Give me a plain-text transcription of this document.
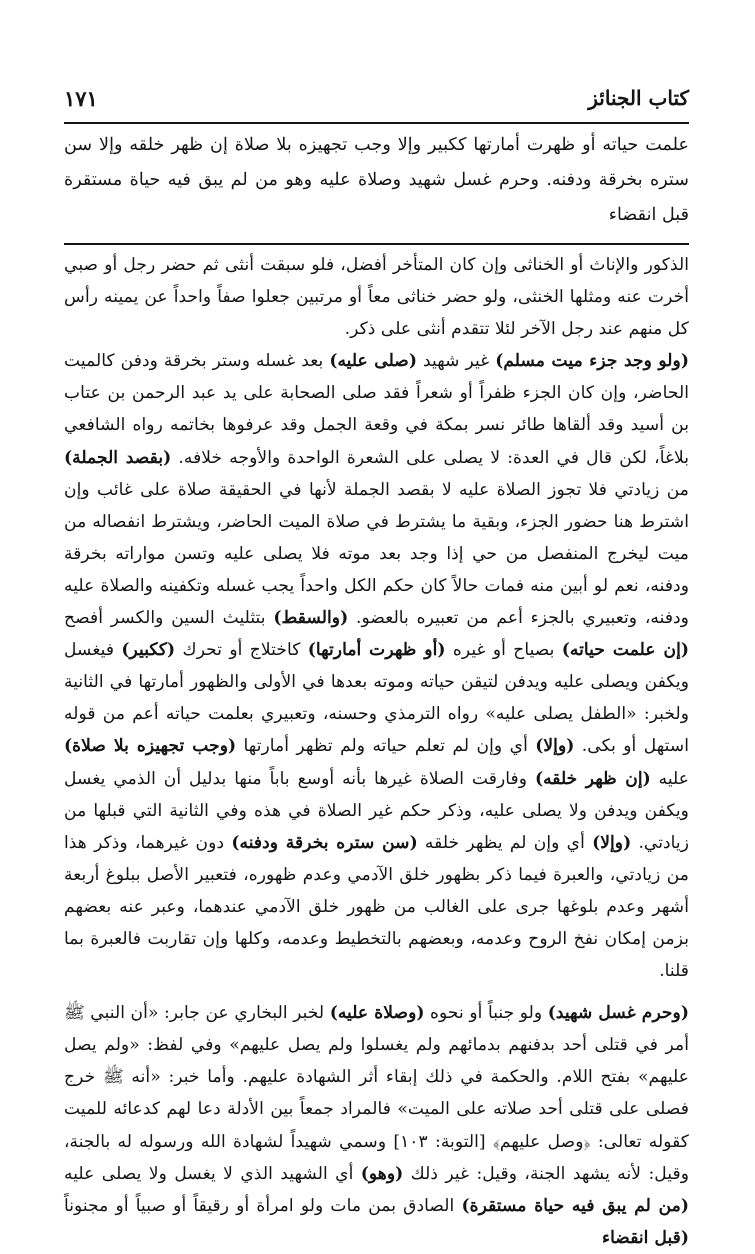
كتاب الجنائز
١٧١

علمت حياته أو ظهرت أمارتها ككبير وإلا وجب تجهيزه بلا صلاة إن ظهر خلقه وإلا سن ستره بخرقة ودفنه. وحرم غسل شهيد وصلاة عليه وهو من لم يبق فيه حياة مستقرة قبل انقضاء

الذكور والإناث أو الخناثى وإن كان المتأخر أفضل، فلو سبقت أنثى ثم حضر رجل أو صبي أخرت عنه ومثلها الخنثى، ولو حضر خناثى معاً أو مرتبين جعلوا صفاً واحداً عن يمينه رأس كل منهم عند رجل الآخر لئلا تتقدم أنثى على ذكر.

(ولو وجد جزء ميت مسلم) غير شهيد (صلى عليه) بعد غسله وستر بخرقة ودفن كالميت الحاضر، وإن كان الجزء ظفراً أو شعراً فقد صلى الصحابة على يد عبد الرحمن بن عتاب بن أسيد وقد ألقاها طائر نسر بمكة في وقعة الجمل وقد عرفوها بخاتمه رواه الشافعي بلاغاً، لكن قال في العدة: لا يصلى على الشعرة الواحدة والأوجه خلافه. (بقصد الجملة) من زيادتي فلا تجوز الصلاة عليه لا بقصد الجملة لأنها في الحقيقة صلاة على غائب وإن اشترط هنا حضور الجزء، وبقية ما يشترط في صلاة الميت الحاضر، ويشترط انفصاله من ميت ليخرج المنفصل من حي إذا وجد بعد موته فلا يصلى عليه وتسن مواراته بخرقة ودفنه، نعم لو أبين منه فمات حالاً كان حكم الكل واحداً يجب غسله وتكفينه والصلاة عليه ودفنه، وتعبيري بالجزء أعم من تعبيره بالعضو. (والسقط) بتثليث السين والكسر أفصح (إن علمت حياته) بصياح أو غيره (أو ظهرت أمارتها) كاختلاج أو تحرك (ككبير) فيغسل ويكفن ويصلى عليه ويدفن لتيقن حياته وموته بعدها في الأولى والظهور أمارتها في الثانية ولخبر: «الطفل يصلى عليه» رواه الترمذي وحسنه، وتعبيري بعلمت حياته أعم من قوله استهل أو بكى. (وإلا) أي وإن لم تعلم حياته ولم تظهر أمارتها (وجب تجهيزه بلا صلاة) عليه (إن ظهر خلقه) وفارقت الصلاة غيرها بأنه أوسع باباً منها بدليل أن الذمي يغسل ويكفن ويدفن ولا يصلى عليه، وذكر حكم غير الصلاة في هذه وفي الثانية التي قبلها من زيادتي. (وإلا) أي وإن لم يظهر خلقه (سن ستره بخرقة ودفنه) دون غيرهما، وذكر هذا من زيادتي، والعبرة فيما ذكر بظهور خلق الآدمي وعدم ظهوره، فتعبير الأصل ببلوغ أربعة أشهر وعدم بلوغها جرى على الغالب من ظهور خلق الآدمي عندهما، وعبر عنه بعضهم بزمن إمكان نفخ الروح وعدمه، وبعضهم بالتخطيط وعدمه، وكلها وإن تقاربت فالعبرة بما قلنا.

(وحرم غسل شهيد) ولو جنباً أو نحوه (وصلاة عليه) لخبر البخاري عن جابر: «أن النبي ﷺ أمر في قتلى أحد بدفنهم بدمائهم ولم يغسلوا ولم يصل عليهم» وفي لفظ: «ولم يصل عليهم» بفتح اللام. والحكمة في ذلك إبقاء أثر الشهادة عليهم. وأما خبر: «أنه ﷺ خرج فصلى على قتلى أحد صلاته على الميت» فالمراد جمعاً بين الأدلة دعا لهم كدعائه للميت كقوله تعالى: ﴿وصل عليهم﴾ [التوبة: ١٠٣] وسمي شهيداً لشهادة الله ورسوله له بالجنة، وقيل: لأنه يشهد الجنة، وقيل: غير ذلك (وهو) أي الشهيد الذي لا يغسل ولا يصلى عليه (من لم يبق فيه حياة مستقرة) الصادق بمن مات ولو امرأة أو رقيقاً أو صبياً أو مجنوناً (قبل انقضاء
